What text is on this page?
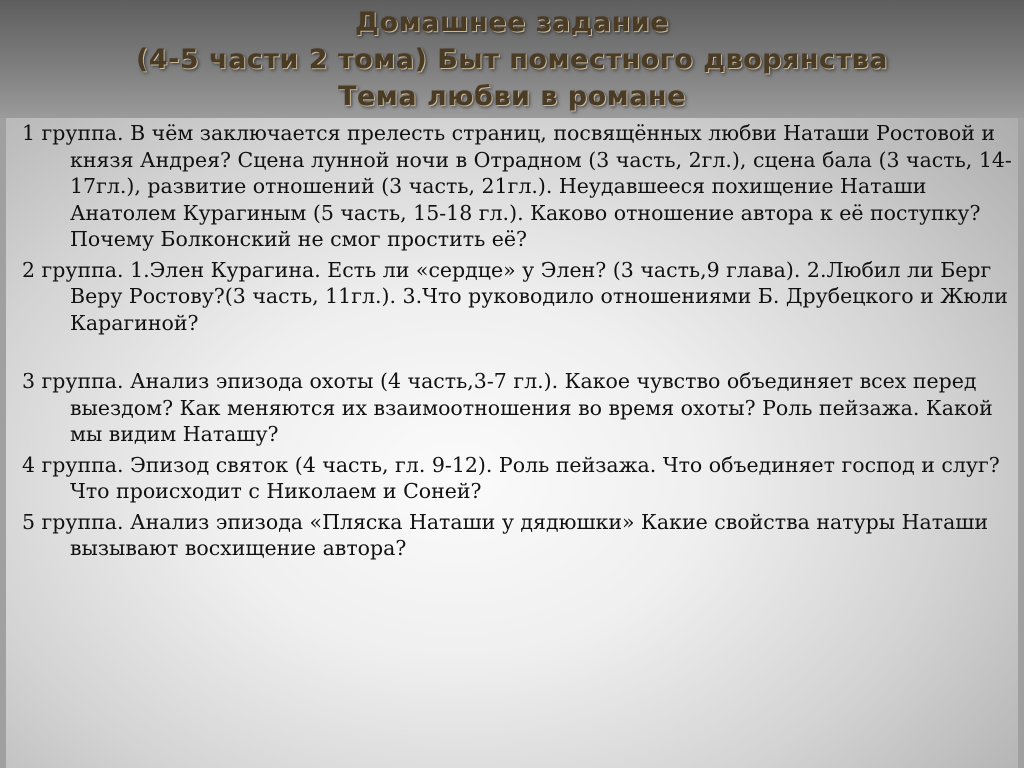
Домашнее задание
(4-5 части 2 тома) Быт поместного дворянства
Тема любви в романе
1 группа. В чём заключается прелесть страниц, посвящённых любви Наташи Ростовой и князя Андрея? Сцена лунной ночи в Отрадном (3 часть, 2гл.), сцена бала (3 часть, 14-17гл.), развитие отношений (3 часть, 21гл.). Неудавшееся похищение Наташи Анатолем Курагиным (5 часть, 15-18 гл.). Каково отношение автора к её поступку? Почему Болконский не смог простить её?
2 группа. 1.Элен Курагина. Есть ли «сердце» у Элен? (3 часть,9 глава). 2.Любил ли Берг Веру Ростову?(3 часть, 11гл.). 3.Что руководило отношениями Б. Друбецкого и Жюли Карагиной?
3 группа. Анализ эпизода охоты (4 часть,3-7 гл.). Какое чувство объединяет всех перед выездом? Как меняются их взаимоотношения во время охоты? Роль пейзажа. Какой мы видим Наташу?
4 группа. Эпизод святок (4 часть, гл. 9-12). Роль пейзажа. Что объединяет господ и слуг? Что происходит с Николаем и Соней?
5 группа. Анализ эпизода «Пляска Наташи у дядюшки» Какие свойства натуры Наташи вызывают восхищение автора?
